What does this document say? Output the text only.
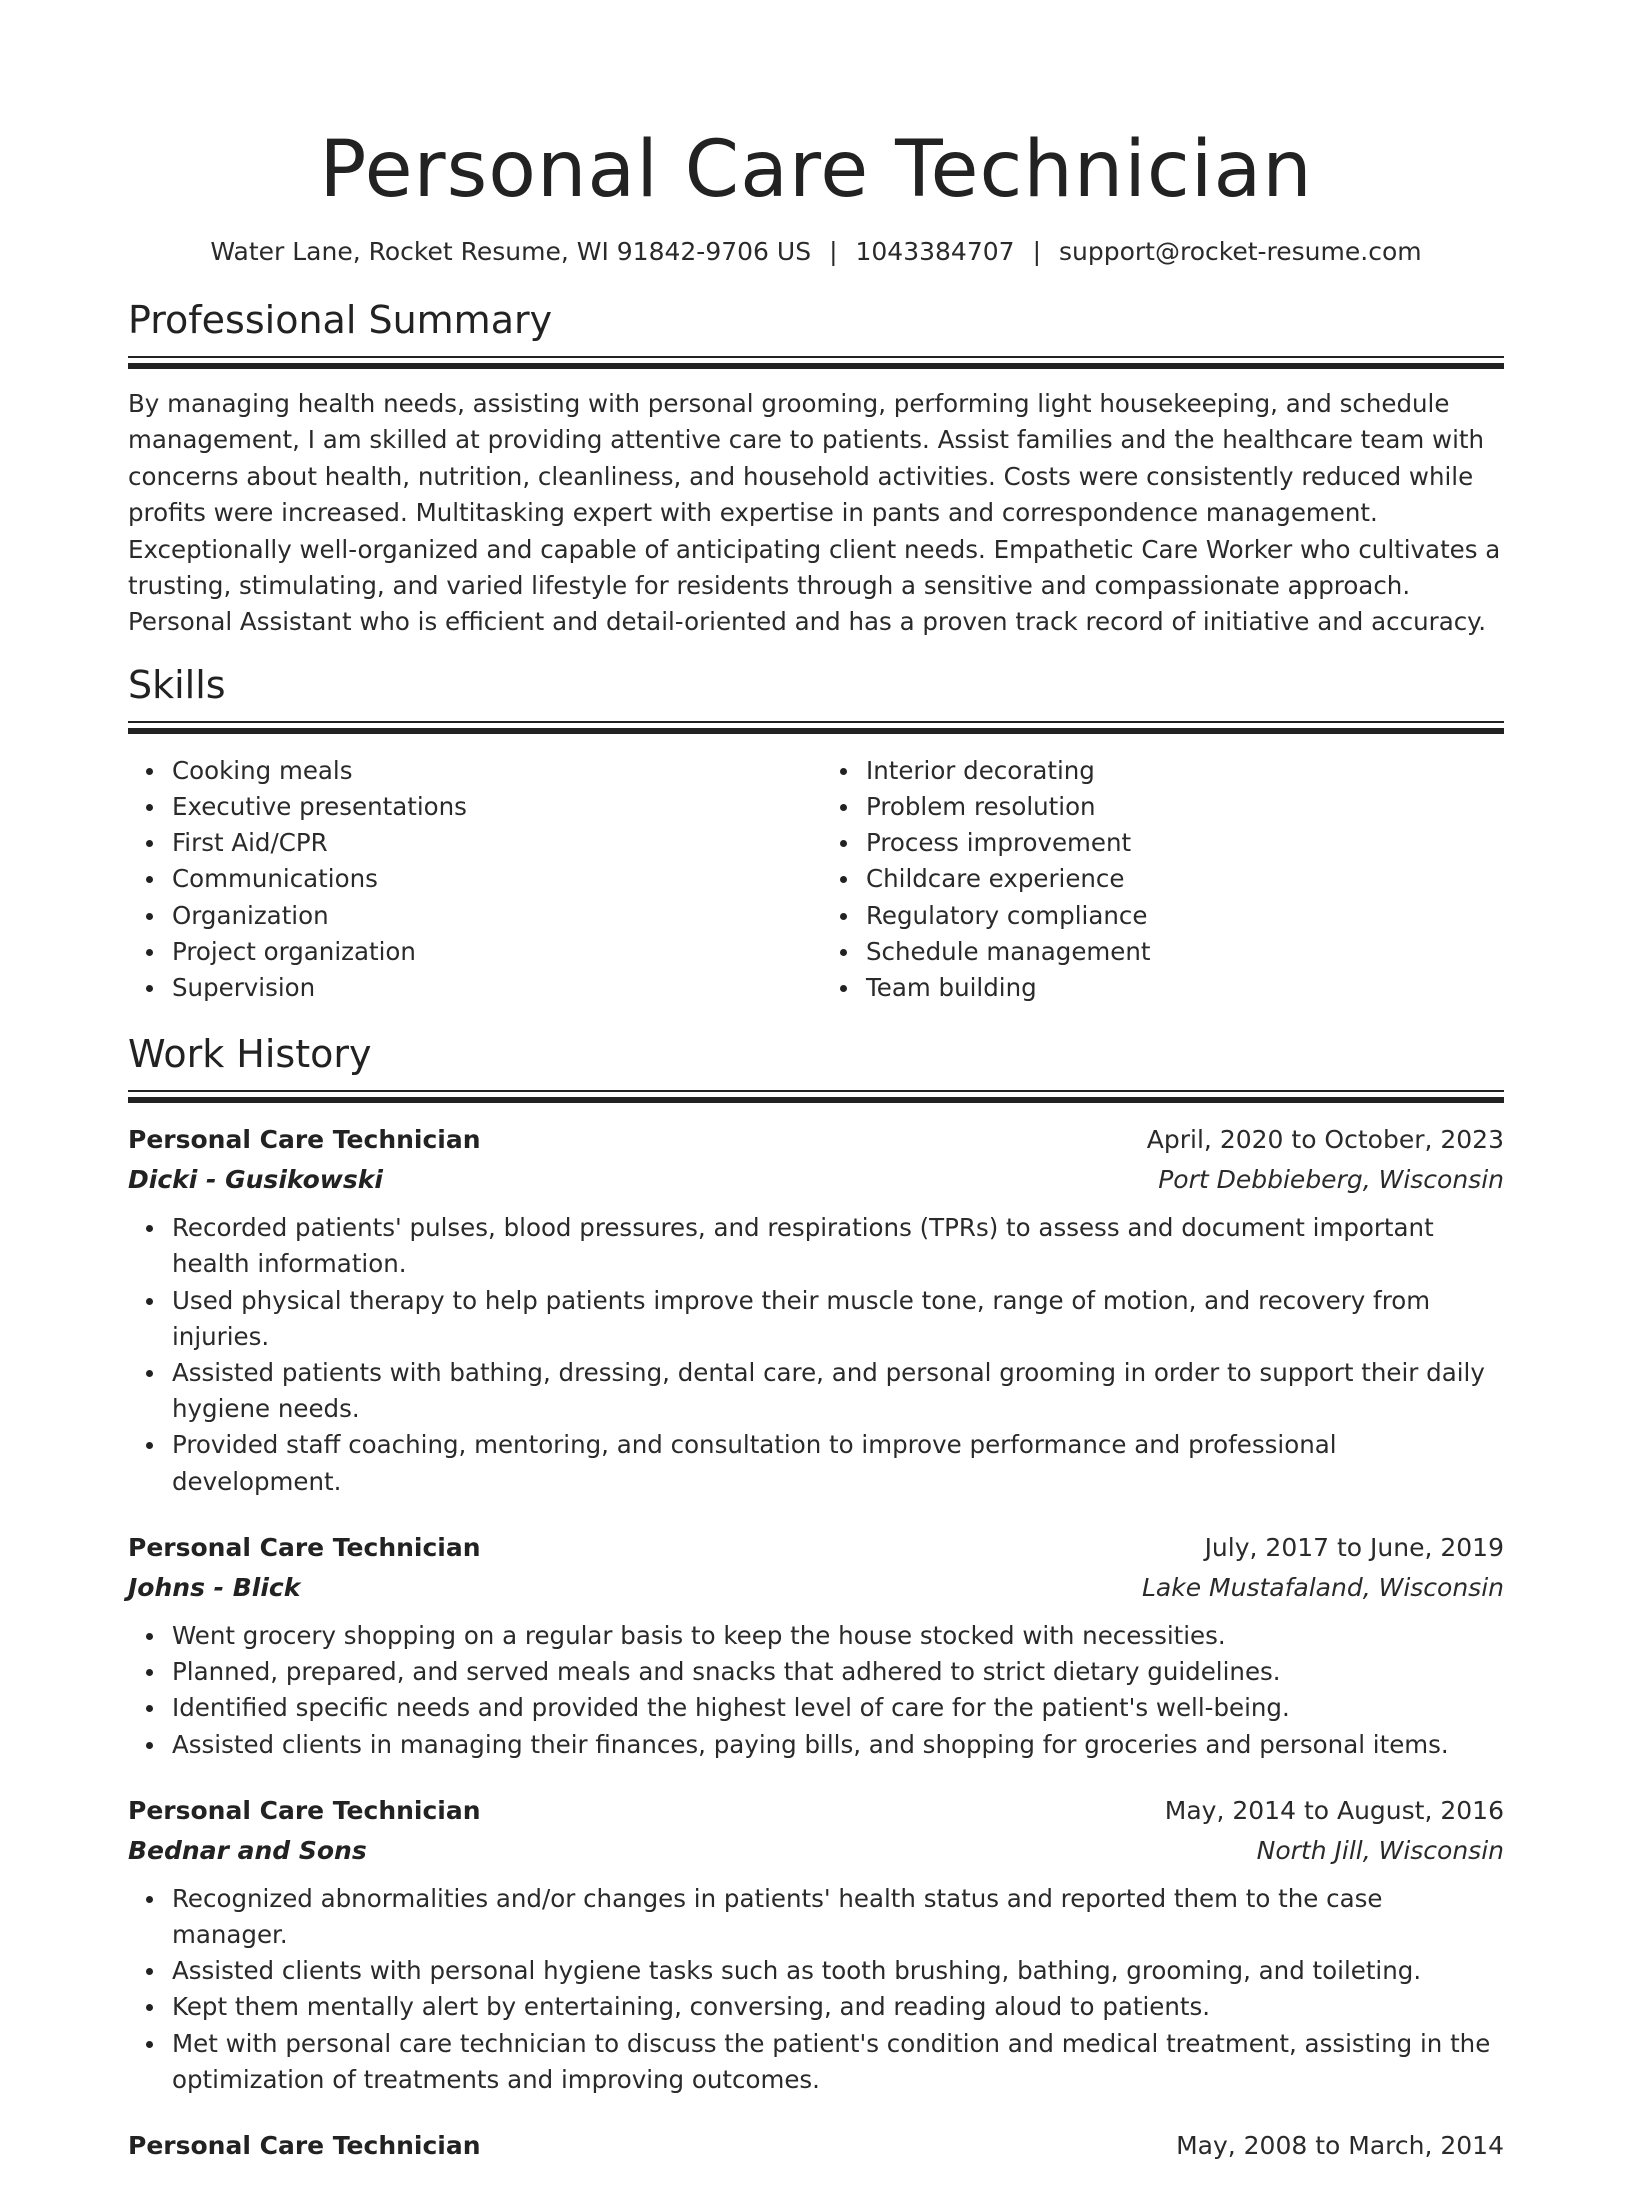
Personal Care Technician
Water Lane, Rocket Resume, WI 91842-9706 US | 1043384707 | support@rocket-resume.com
Professional Summary

By managing health needs, assisting with personal grooming, performing light housekeeping, and schedule management, I am skilled at providing attentive care to patients. Assist families and the healthcare team with concerns about health, nutrition, cleanliness, and household activities. Costs were consistently reduced while profits were increased. Multitasking expert with expertise in pants and correspondence management. Exceptionally well-organized and capable of anticipating client needs. Empathetic Care Worker who cultivates a trusting, stimulating, and varied lifestyle for residents through a sensitive and compassionate approach. Personal Assistant who is efficient and detail-oriented and has a proven track record of initiative and accuracy.

Skills
Cooking meals
Executive presentations
First Aid/CPR
Communications
Organization
Project organization
Supervision
Interior decorating
Problem resolution
Process improvement
Childcare experience
Regulatory compliance
Schedule management
Team building
Work History
Personal Care Technician	April, 2020 to October, 2023
Dicki - Gusikowski	Port Debbieberg, Wisconsin
Recorded patients' pulses, blood pressures, and respirations (TPRs) to assess and document important health information.
Used physical therapy to help patients improve their muscle tone, range of motion, and recovery from injuries.
Assisted patients with bathing, dressing, dental care, and personal grooming in order to support their daily hygiene needs.
Provided staff coaching, mentoring, and consultation to improve performance and professional development.
Personal Care Technician	July, 2017 to June, 2019
Johns - Blick	Lake Mustafaland, Wisconsin
Went grocery shopping on a regular basis to keep the house stocked with necessities.
Planned, prepared, and served meals and snacks that adhered to strict dietary guidelines.
Identified specific needs and provided the highest level of care for the patient's well-being.
Assisted clients in managing their finances, paying bills, and shopping for groceries and personal items.
Personal Care Technician	May, 2014 to August, 2016
Bednar and Sons	North Jill, Wisconsin
Recognized abnormalities and/or changes in patients' health status and reported them to the case manager.
Assisted clients with personal hygiene tasks such as tooth brushing, bathing, grooming, and toileting.
Kept them mentally alert by entertaining, conversing, and reading aloud to patients.
Met with personal care technician to discuss the patient's condition and medical treatment, assisting in the optimization of treatments and improving outcomes.
Personal Care Technician	May, 2008 to March, 2014
